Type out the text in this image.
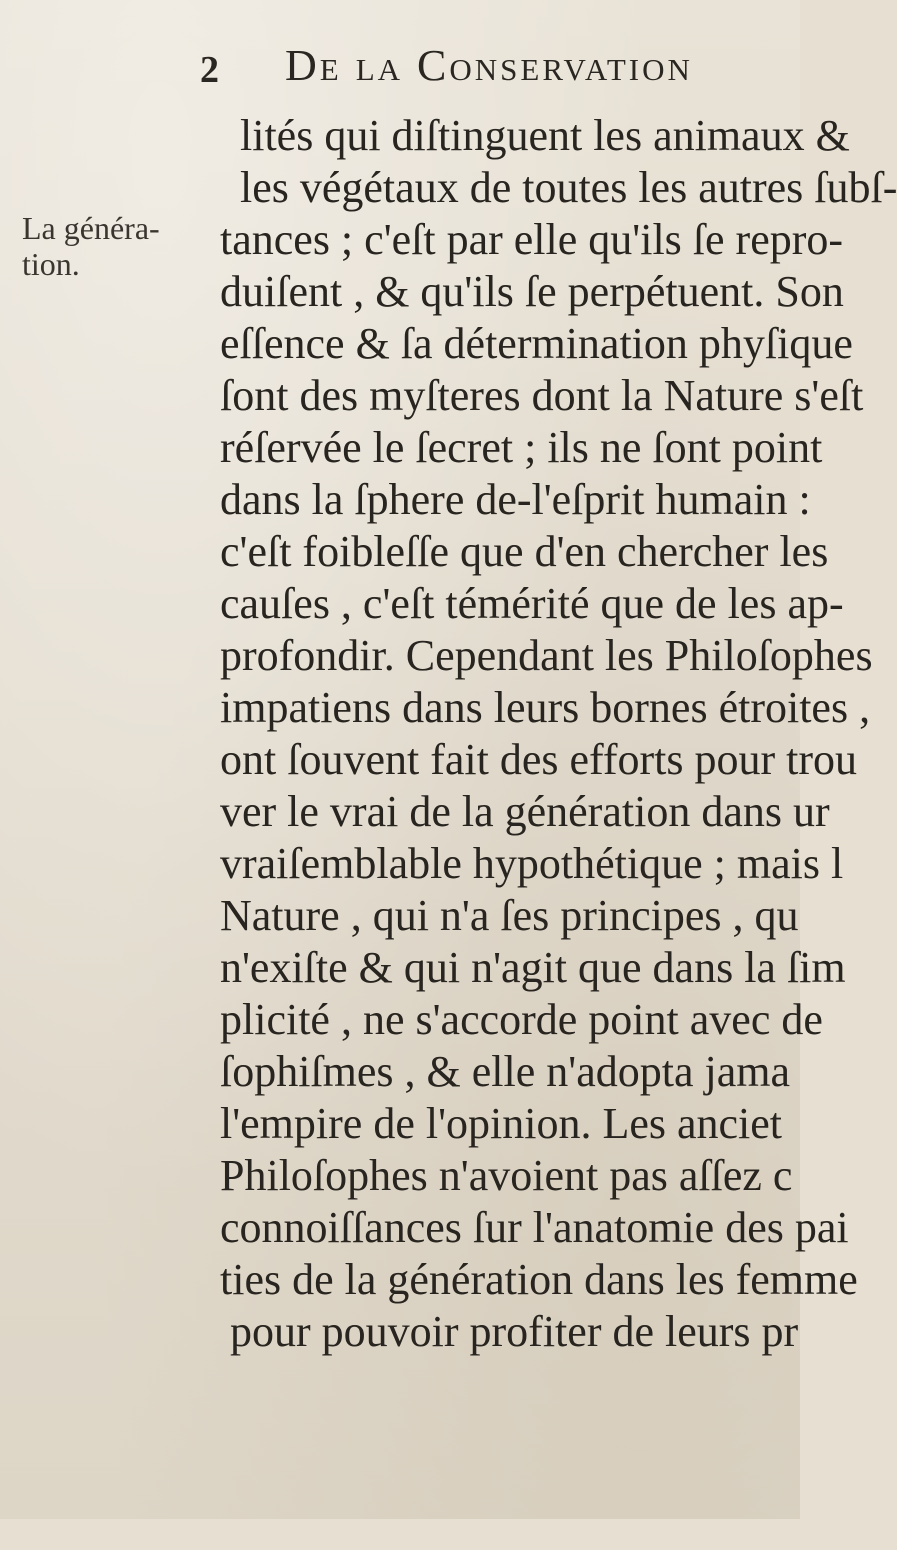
2 De la Conservation
La généra-
tion.
lités qui diſtinguent les animaux &
les végétaux de toutes les autres ſubſ-
tances ; c'eſt par elle qu'ils ſe repro-
duiſent , & qu'ils ſe perpétuent. Son
eſſence & ſa détermination phyſique
ſont des myſteres dont la Nature s'eſt
réſervée le ſecret ; ils ne ſont point
dans la ſphere de-l'eſprit humain :
c'eſt foibleſſe que d'en chercher les
cauſes , c'eſt témérité que de les ap-
profondir. Cependant les Philoſophes
impatiens dans leurs bornes étroites ,
ont ſouvent fait des efforts pour trou
ver le vrai de la génération dans ur
vraiſemblable hypothétique ; mais l
Nature , qui n'a ſes principes , qu
n'exiſte & qui n'agit que dans la ſim
plicité , ne s'accorde point avec de
ſophiſmes , & elle n'adopta jama
l'empire de l'opinion. Les anciet
Philoſophes n'avoient pas aſſez c
connoiſſances ſur l'anatomie des pai
ties de la génération dans les femme
pour pouvoir profiter de leurs pr
